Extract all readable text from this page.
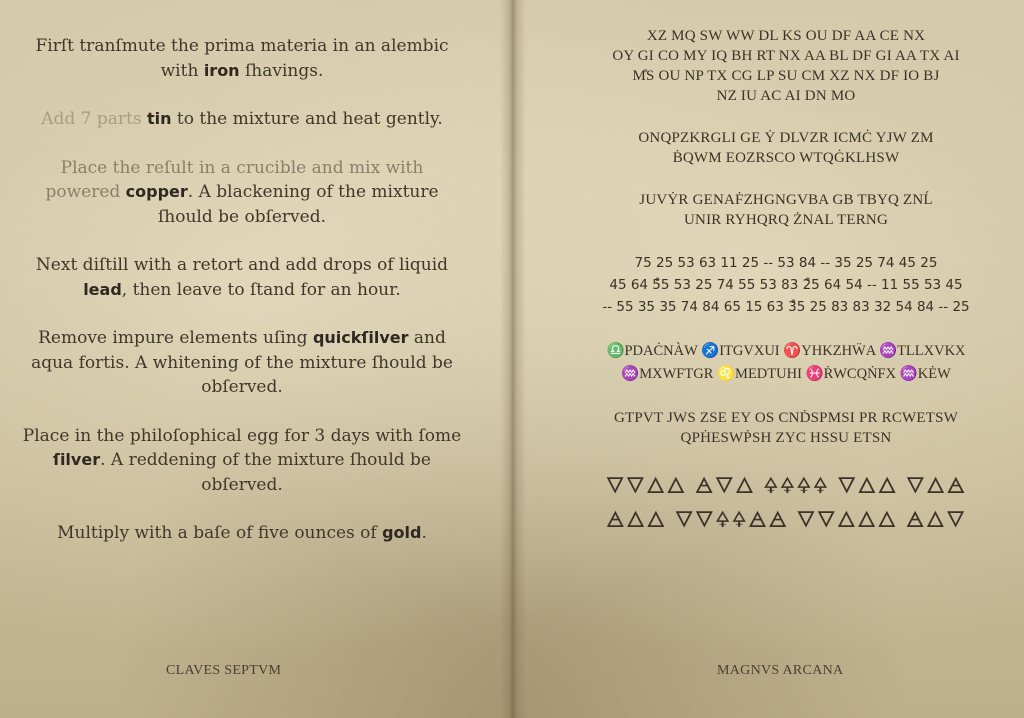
Firſt tranſmute the prima materia in an alembic with iron ſhavings.

Add 7 parts tin to the mixture and heat gently.

Place the reſult in a crucible and mix with powered copper. A blackening of the mixture ſhould be obſerved.

Next diſtill with a retort and add drops of liquid lead, then leave to ſtand for an hour.

Remove impure elements uſing quickſilver and aqua fortis. A whitening of the mixture ſhould be obſerved.

Place in the philoſophical egg for 3 days with ſome ſilver. A reddening of the mixture ſhould be obſerved.

Multiply with a baſe of five ounces of gold.

CLAVES SEPTVM
XZ MQ SW WW DL KS OU DF AA CE NX
OY GI CO MY IQ BH RT NX AA BL DF GI AA TX AI
M̊S OU NP TX CG LP SU CM XZ NX DF IO BJ
NZ IU AC AI DN MO
ONQPZKRGLI GE Ẏ DLVZR ICMĊ YJW ZM
ḂQWM EOZRSCO WTQĠKLHSW
JUVẎR GENAḞZHGNGVBA GB TBYQ ZNĹ
UNIR RYHQRQ ŻNAL TERNG
75 25 53 63 11 25 -- 53 84 -- 35 25 74 45 25
45 64 5̊5 53 25 74 55 53 83 2̊5 64 54 -- 11 55 53 45
-- 55 35 35 74 84 65 15 63 3̊5 25 83 83 32 54 84 -- 25
♎PDAĊNÀW ♐ITGVXUI ♈YHKZHẄA ♒TLLXVKX
♒MXWFTGR ♌MEDTUHI ♓ṘWCQṄFX ♒KĖW
GTPVT JWS ZSE EY OS CNḊSPMSI PR RCWETSW
QPḢESWṖSH ZYC HSSU ETSN
🜄🜄🜂🜂 🜁🜄🜂 🜍🜍🜍🜍 🜄🜂🜂 🜄🜂🜁
🜁🜂🜂 🜄🜄🜍🜍🜁🜁 🜄🜄🜂🜂🜂 🜁🜂🜄
MAGNVS ARCANA
